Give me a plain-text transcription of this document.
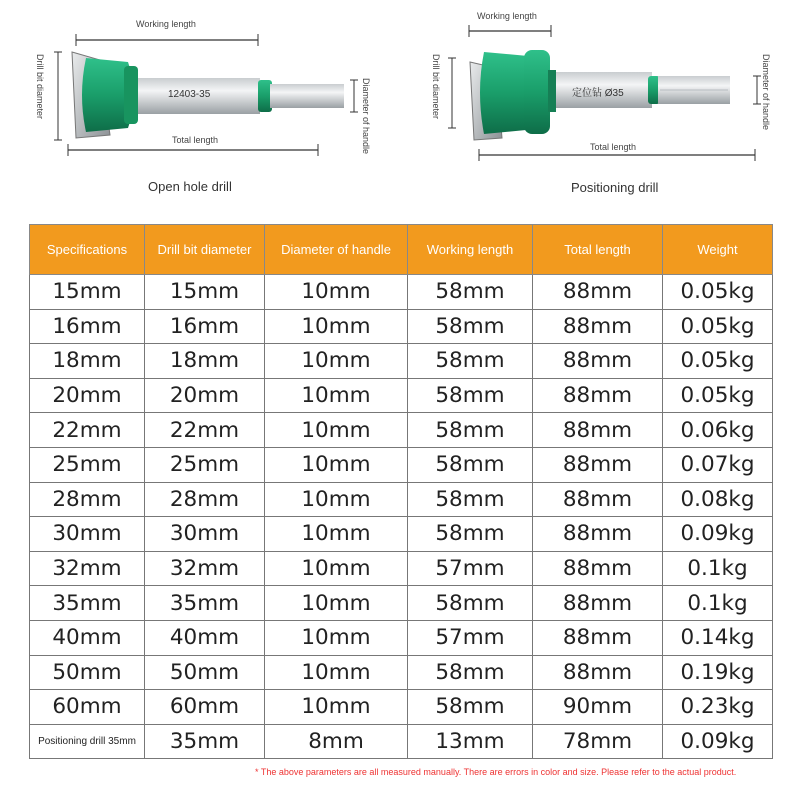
Working length
Total length
Drill bit diameter	Diameter of handle
12403-35
Open hole drill
Working length
Total length
Drill bit diameter	Diameter of handle
定位钻 Ø35
Positioning drill
Specifications	Drill bit diameter	Diameter of handle	Working length	Total length	Weight
15mm	15mm	10mm	58mm	88mm	0.05kg
16mm	16mm	10mm	58mm	88mm	0.05kg
18mm	18mm	10mm	58mm	88mm	0.05kg
20mm	20mm	10mm	58mm	88mm	0.05kg
22mm	22mm	10mm	58mm	88mm	0.06kg
25mm	25mm	10mm	58mm	88mm	0.07kg
28mm	28mm	10mm	58mm	88mm	0.08kg
30mm	30mm	10mm	58mm	88mm	0.09kg
32mm	32mm	10mm	57mm	88mm	0.1kg
35mm	35mm	10mm	58mm	88mm	0.1kg
40mm	40mm	10mm	57mm	88mm	0.14kg
50mm	50mm	10mm	58mm	88mm	0.19kg
60mm	60mm	10mm	58mm	90mm	0.23kg
Positioning drill 35mm	35mm	8mm	13mm	78mm	0.09kg
* The above parameters are all measured manually. There are errors in color and size. Please refer to the actual product.
